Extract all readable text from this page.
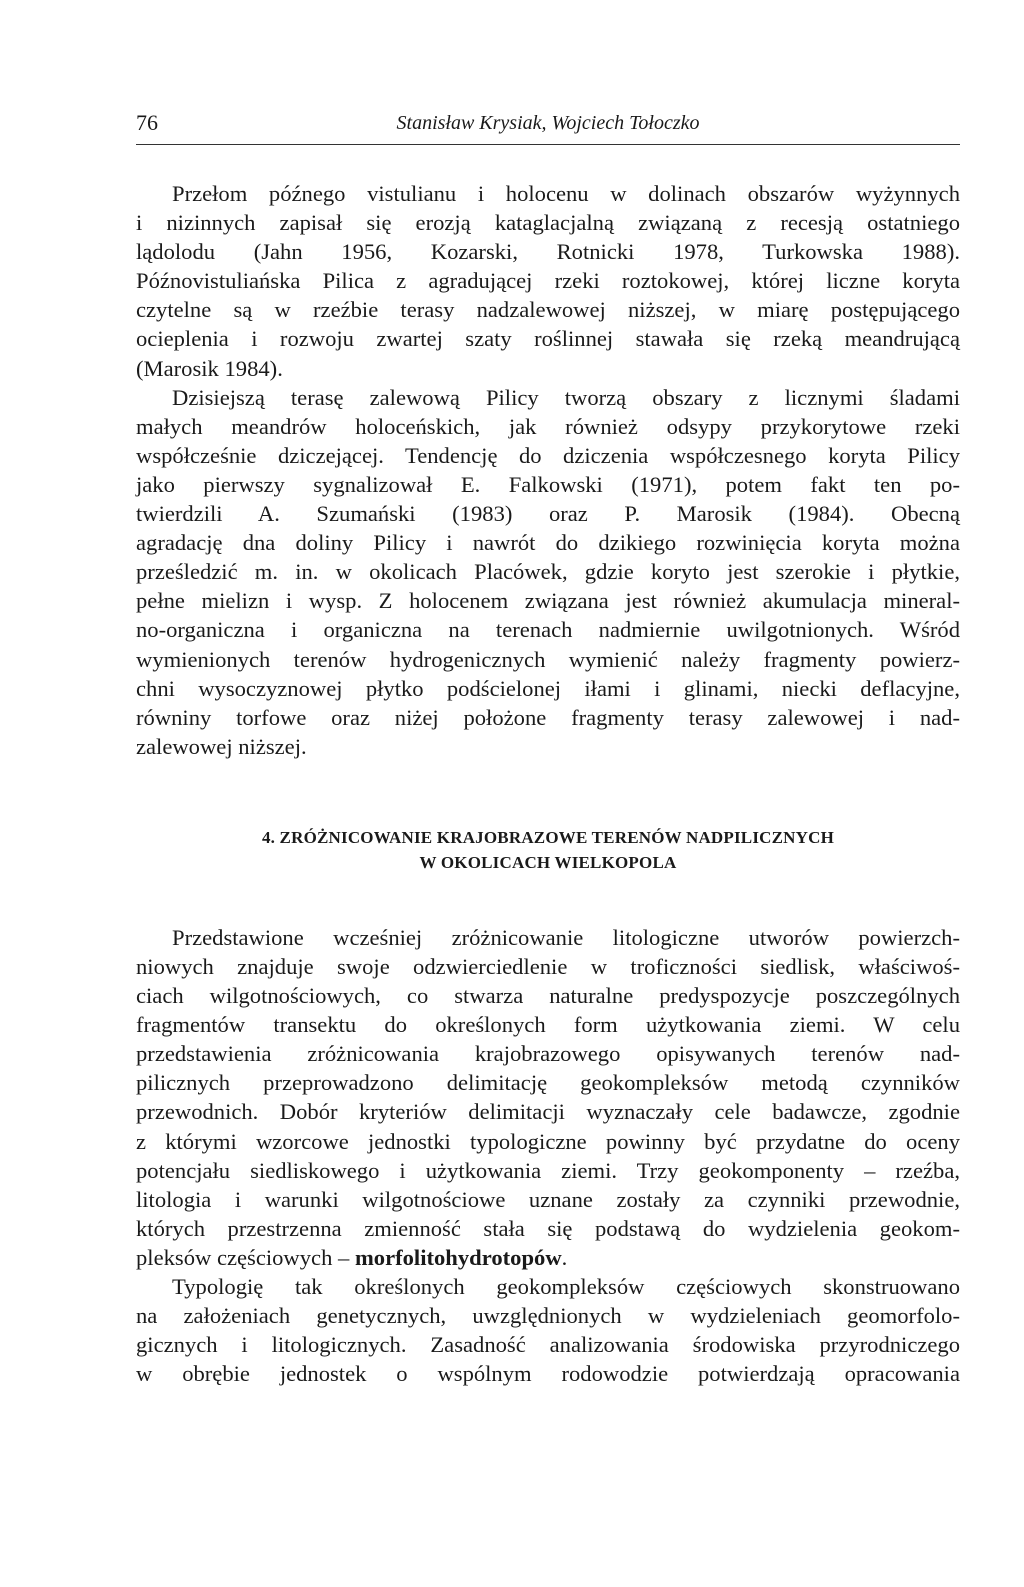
76	Stanisław Krysiak, Wojciech Tołoczko
Przełom późnego vistulianu i holocenu w dolinach obszarów wyżynnych
i nizinnych zapisał się erozją kataglacjalną związaną z recesją ostatniego
lądolodu (Jahn 1956, Kozarski, Rotnicki 1978, Turkowska 1988).
Późnovistuliańska Pilica z agradującej rzeki roztokowej, której liczne koryta
czytelne są w rzeźbie terasy nadzalewowej niższej, w miarę postępującego
ocieplenia i rozwoju zwartej szaty roślinnej stawała się rzeką meandrującą
(Marosik 1984).
Dzisiejszą terasę zalewową Pilicy tworzą obszary z licznymi śladami
małych meandrów holoceńskich, jak również odsypy przykorytowe rzeki
współcześnie dziczejącej. Tendencję do dziczenia współczesnego koryta Pilicy
jako pierwszy sygnalizował E. Falkowski (1971), potem fakt ten po-
twierdzili A. Szumański (1983) oraz P. Marosik (1984). Obecną
agradację dna doliny Pilicy i nawrót do dzikiego rozwinięcia koryta można
prześledzić m. in. w okolicach Placówek, gdzie koryto jest szerokie i płytkie,
pełne mielizn i wysp. Z holocenem związana jest również akumulacja mineral-
no-organiczna i organiczna na terenach nadmiernie uwilgotnionych. Wśród
wymienionych terenów hydrogenicznych wymienić należy fragmenty powierz-
chni wysoczyznowej płytko podścielonej iłami i glinami, niecki deflacyjne,
równiny torfowe oraz niżej położone fragmenty terasy zalewowej i nad-
zalewowej niższej.
4. ZRÓŻNICOWANIE KRAJOBRAZOWE TERENÓW NADPILICZNYCH
W OKOLICACH WIELKOPOLA
Przedstawione wcześniej zróżnicowanie litologiczne utworów powierzch-
niowych znajduje swoje odzwierciedlenie w troficzności siedlisk, właściwoś-
ciach wilgotnościowych, co stwarza naturalne predyspozycje poszczególnych
fragmentów transektu do określonych form użytkowania ziemi. W celu
przedstawienia zróżnicowania krajobrazowego opisywanych terenów nad-
pilicznych przeprowadzono delimitację geokompleksów metodą czynników
przewodnich. Dobór kryteriów delimitacji wyznaczały cele badawcze, zgodnie
z którymi wzorcowe jednostki typologiczne powinny być przydatne do oceny
potencjału siedliskowego i użytkowania ziemi. Trzy geokomponenty – rzeźba,
litologia i warunki wilgotnościowe uznane zostały za czynniki przewodnie,
których przestrzenna zmienność stała się podstawą do wydzielenia geokom-
pleksów częściowych – morfolitohydrotopów.
Typologię tak określonych geokompleksów częściowych skonstruowano
na założeniach genetycznych, uwzględnionych w wydzieleniach geomorfolo-
gicznych i litologicznych. Zasadność analizowania środowiska przyrodniczego
w obrębie jednostek o wspólnym rodowodzie potwierdzają opracowania
